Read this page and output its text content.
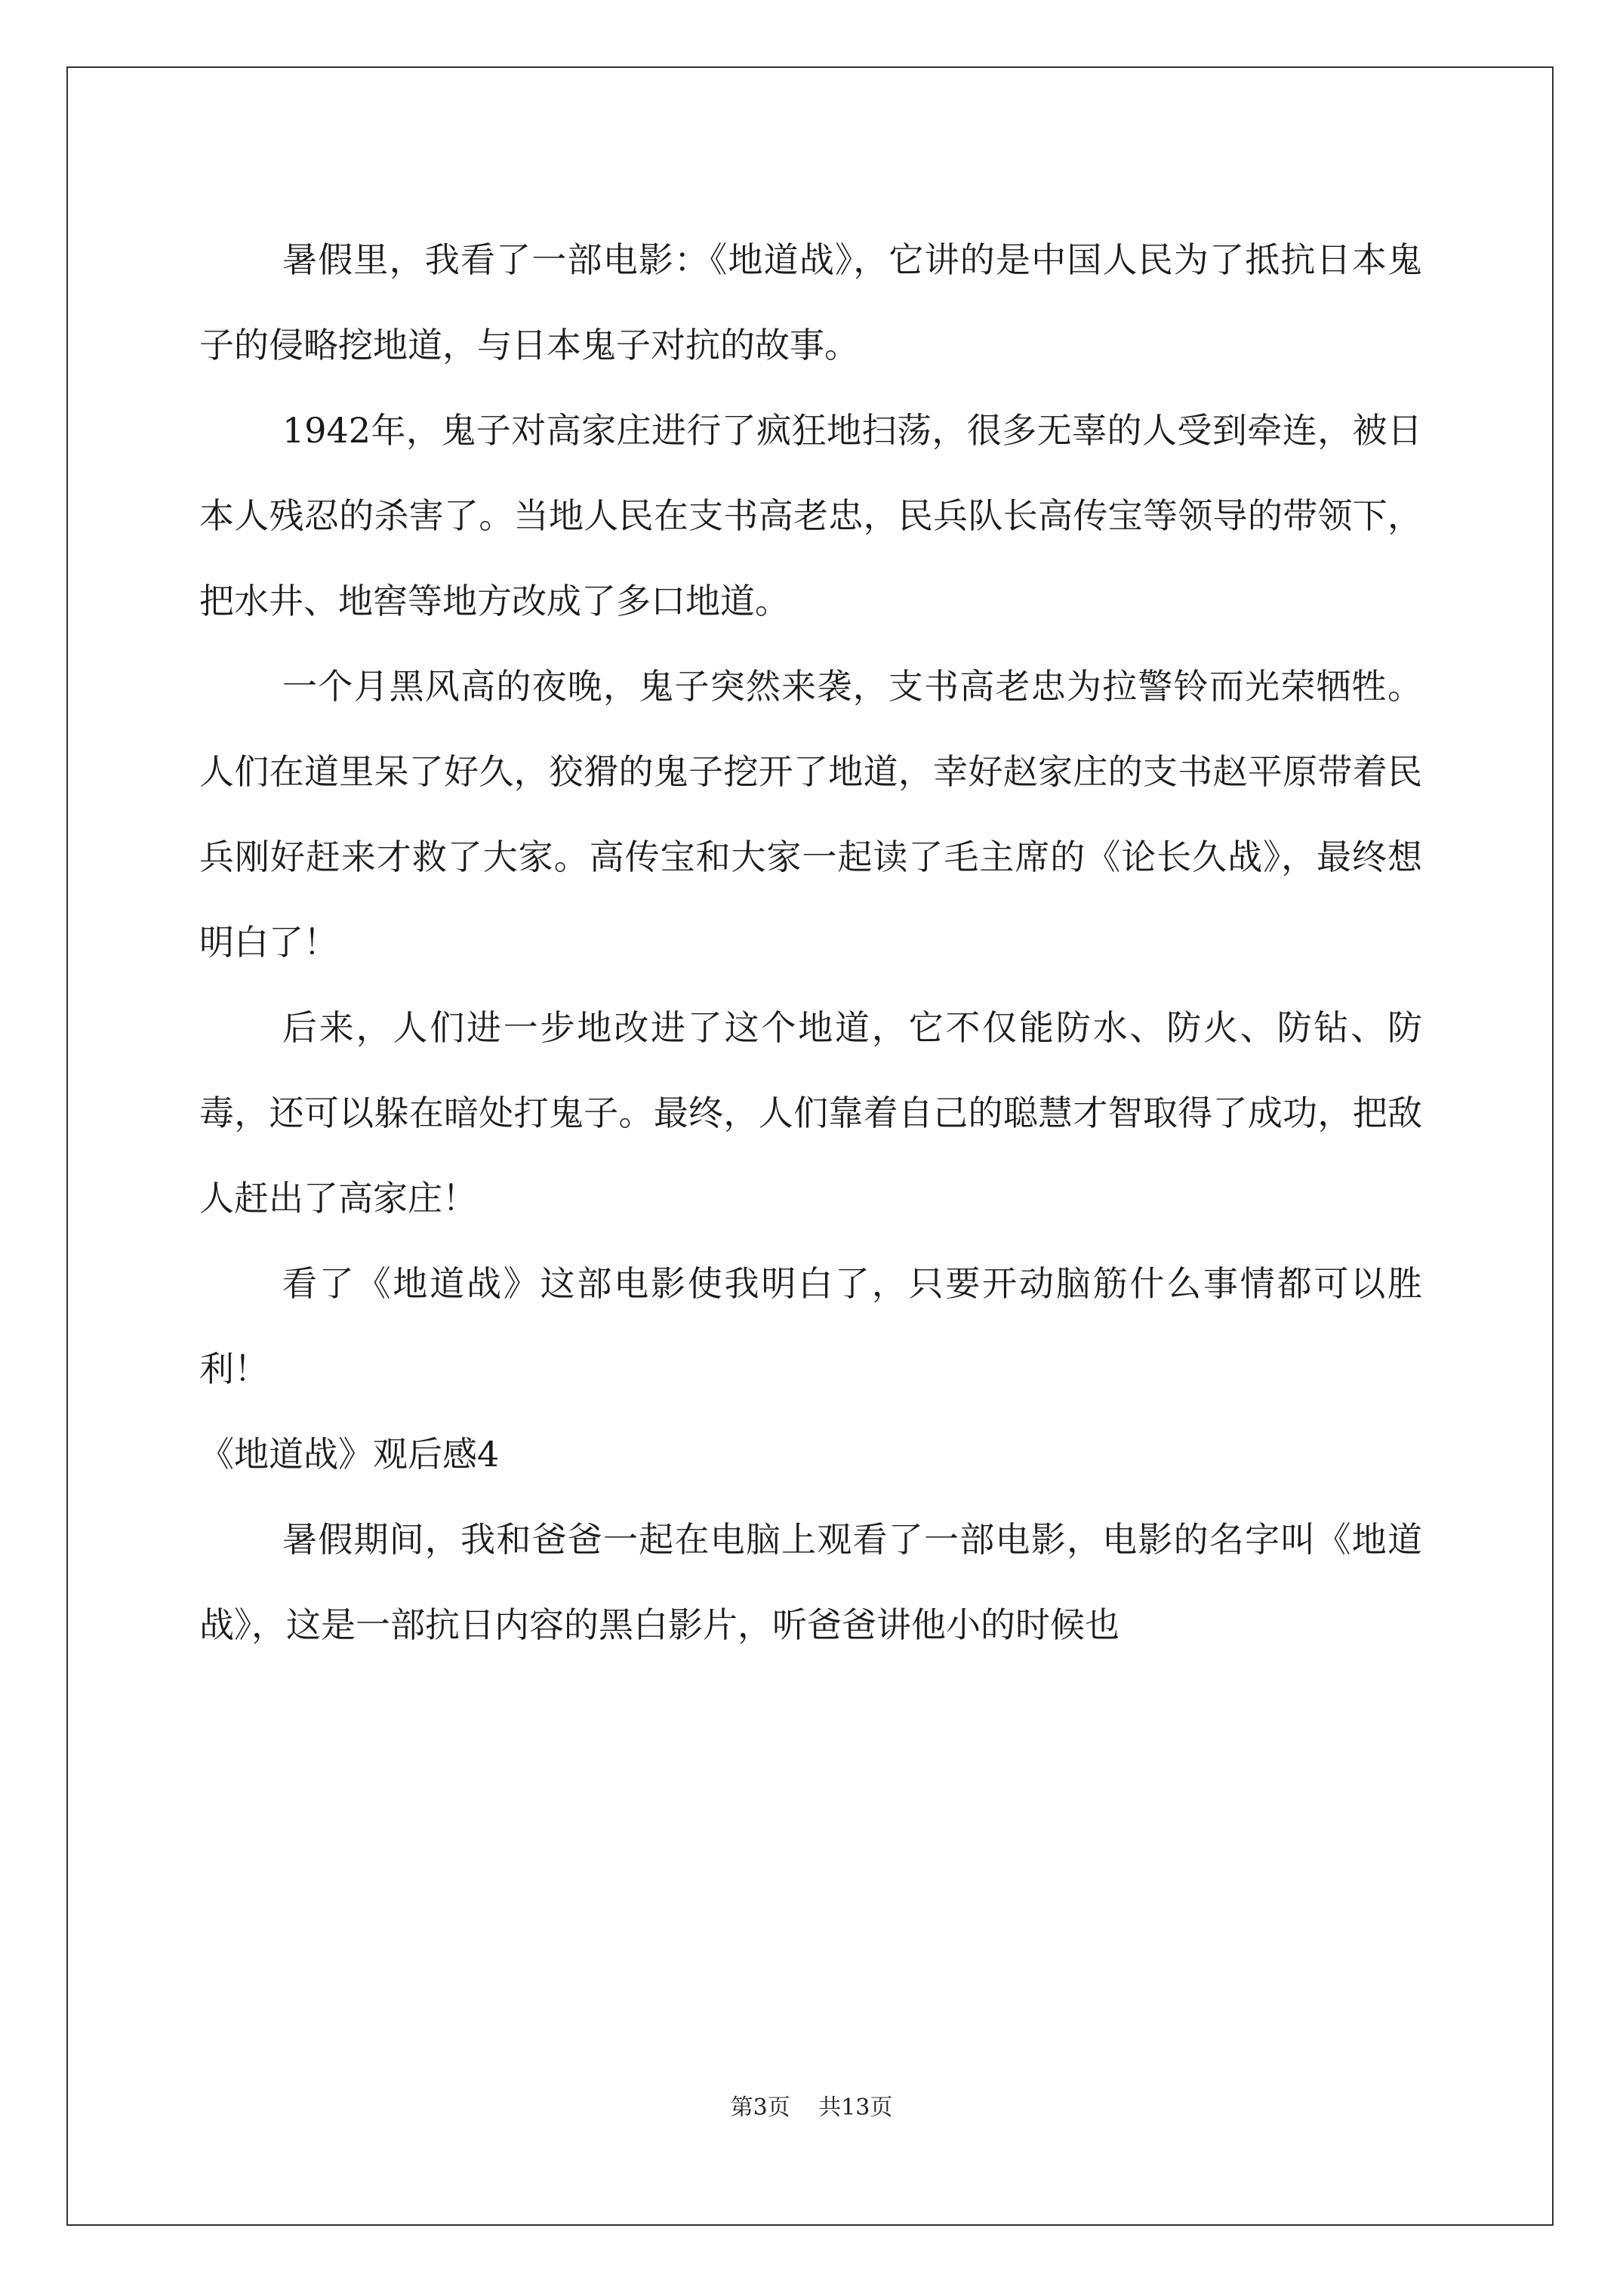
暑假里，我看了一部电影：《地道战》，它讲的是中国人民为了抵抗日本鬼子的侵略挖地道，与日本鬼子对抗的故事。

1942年，鬼子对高家庄进行了疯狂地扫荡，很多无辜的人受到牵连，被日本人残忍的杀害了。当地人民在支书高老忠，民兵队长高传宝等领导的带领下，把水井、地窖等地方改成了多口地道。

一个月黑风高的夜晚，鬼子突然来袭，支书高老忠为拉警铃而光荣牺牲。人们在道里呆了好久，狡猾的鬼子挖开了地道，幸好赵家庄的支书赵平原带着民兵刚好赶来才救了大家。高传宝和大家一起读了毛主席的《论长久战》，最终想明白了！

后来，人们进一步地改进了这个地道，它不仅能防水、防火、防钻、防毒，还可以躲在暗处打鬼子。最终，人们靠着自己的聪慧才智取得了成功，把敌人赶出了高家庄！

看了《地道战》这部电影使我明白了，只要开动脑筋什么事情都可以胜利！

《地道战》观后感4

暑假期间，我和爸爸一起在电脑上观看了一部电影，电影的名字叫《地道战》，这是一部抗日内容的黑白影片，听爸爸讲他小的时候也

第3页 共13页
